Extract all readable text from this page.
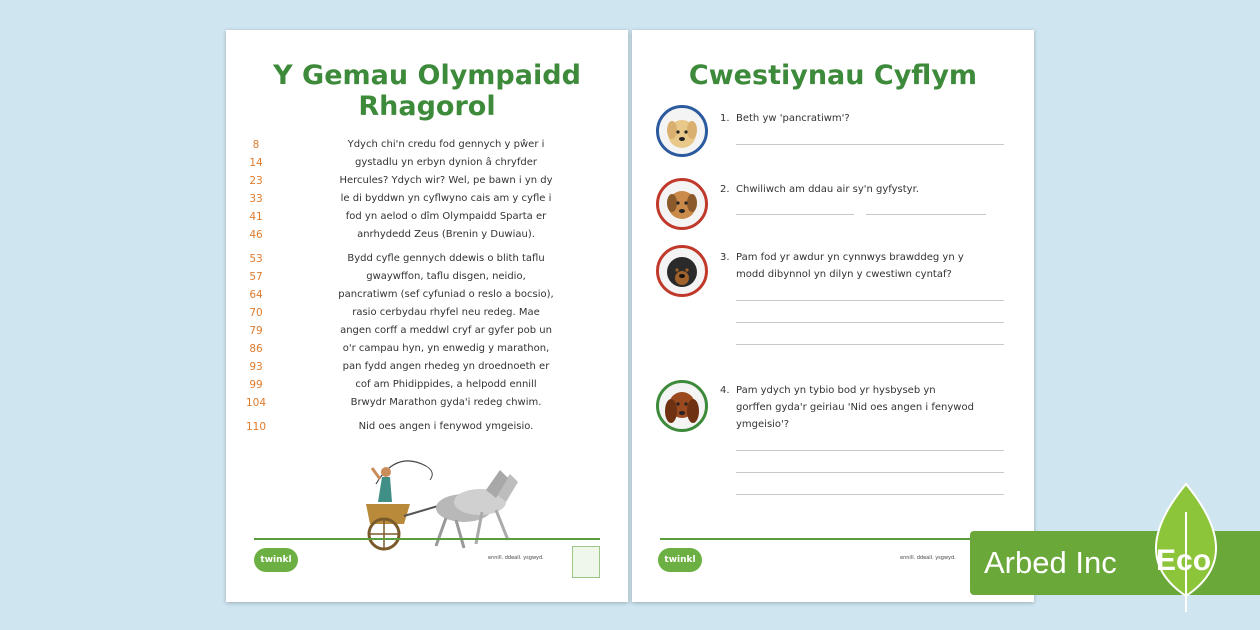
Y Gemau Olympaidd
Rhagorol
8	Ydych chi'n credu fod gennych y pŵer i
14	gystadlu yn erbyn dynion â chryfder
23	Hercules? Ydych wir? Wel, pe bawn i yn dy
33	le di byddwn yn cyflwyno cais am y cyfle i
41	fod yn aelod o dîm Olympaidd Sparta er
46	anrhydedd Zeus (Brenin y Duwiau).
53	Bydd cyfle gennych ddewis o blith taflu
57	gwaywffon, taflu disgen, neidio,
64	pancratiwm (sef cyfuniad o reslo a bocsio),
70	rasio cerbydau rhyfel neu redeg. Mae
79	angen corff a meddwl cryf ar gyfer pob un
86	o'r campau hyn, yn enwedig y marathon,
93	pan fydd angen rhedeg yn droednoeth er
99	cof am Phidippides, a helpodd ennill
104	Brwydr Marathon gyda'i redeg chwim.
110	Nid oes angen i fenywod ymgeisio.
twinkl	ennill. ddeall. ysgwyd.
Cwestiynau Cyflym
1. Beth yw 'pancratiwm'?
2. Chwiliwch am ddau air sy'n gyfystyr.
3. Pam fod yr awdur yn cynnwys brawddeg yn y
modd dibynnol yn dilyn y cwestiwn cyntaf?
4. Pam ydych yn tybio bod yr hysbyseb yn
gorffen gyda'r geiriau 'Nid oes angen i fenywod
ymgeisio'?
twinkl	ennill. ddeall. ysgwyd. Arbed Inc Eco
